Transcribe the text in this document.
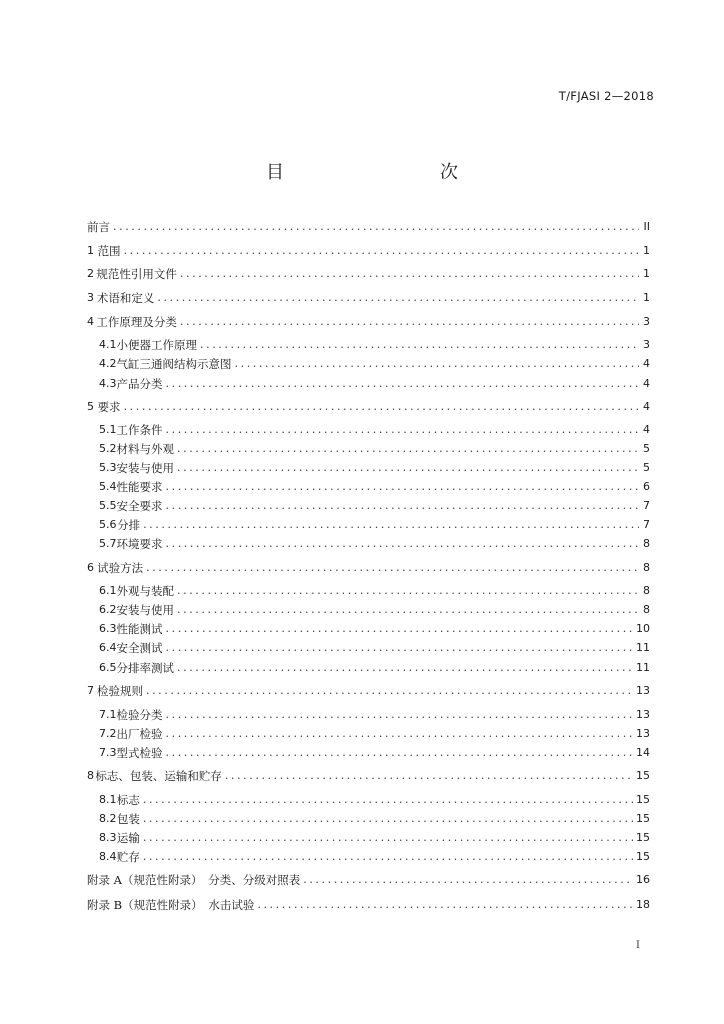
T/FJASI 2—2018
目　　次
前言 .....	II
1 范围 .....	1
2 规范性引用文件 .....	1
3 术语和定义 .....	1
4 工作原理及分类 .....	3
4.1 小便器工作原理 .....	3
4.2 气缸三通阀结构示意图 .....	4
4.3 产品分类 .....	4
5 要求 .....	4
5.1 工作条件 .....	4
5.2 材料与外观 .....	5
5.3 安装与使用 .....	5
5.4 性能要求 .....	6
5.5 安全要求 .....	7
5.6 分排 .....	7
5.7 环境要求 .....	8
6 试验方法 .....	8
6.1 外观与装配 .....	8
6.2 安装与使用 .....	8
6.3 性能测试 .....	10
6.4 安全测试 .....	11
6.5 分排率测试 .....	11
7 检验规则 .....	13
7.1 检验分类 .....	13
7.2 出厂检验 .....	13
7.3 型式检验 .....	14
8 标志、包装、运输和贮存 .....	15
8.1 标志 .....	15
8.2 包装 .....	15
8.3 运输 .....	15
8.4 贮存 .....	15
附录 A（规范性附录）　分类、分级对照表 .....	16
附录 B（规范性附录）　水击试验 .....	18
I
